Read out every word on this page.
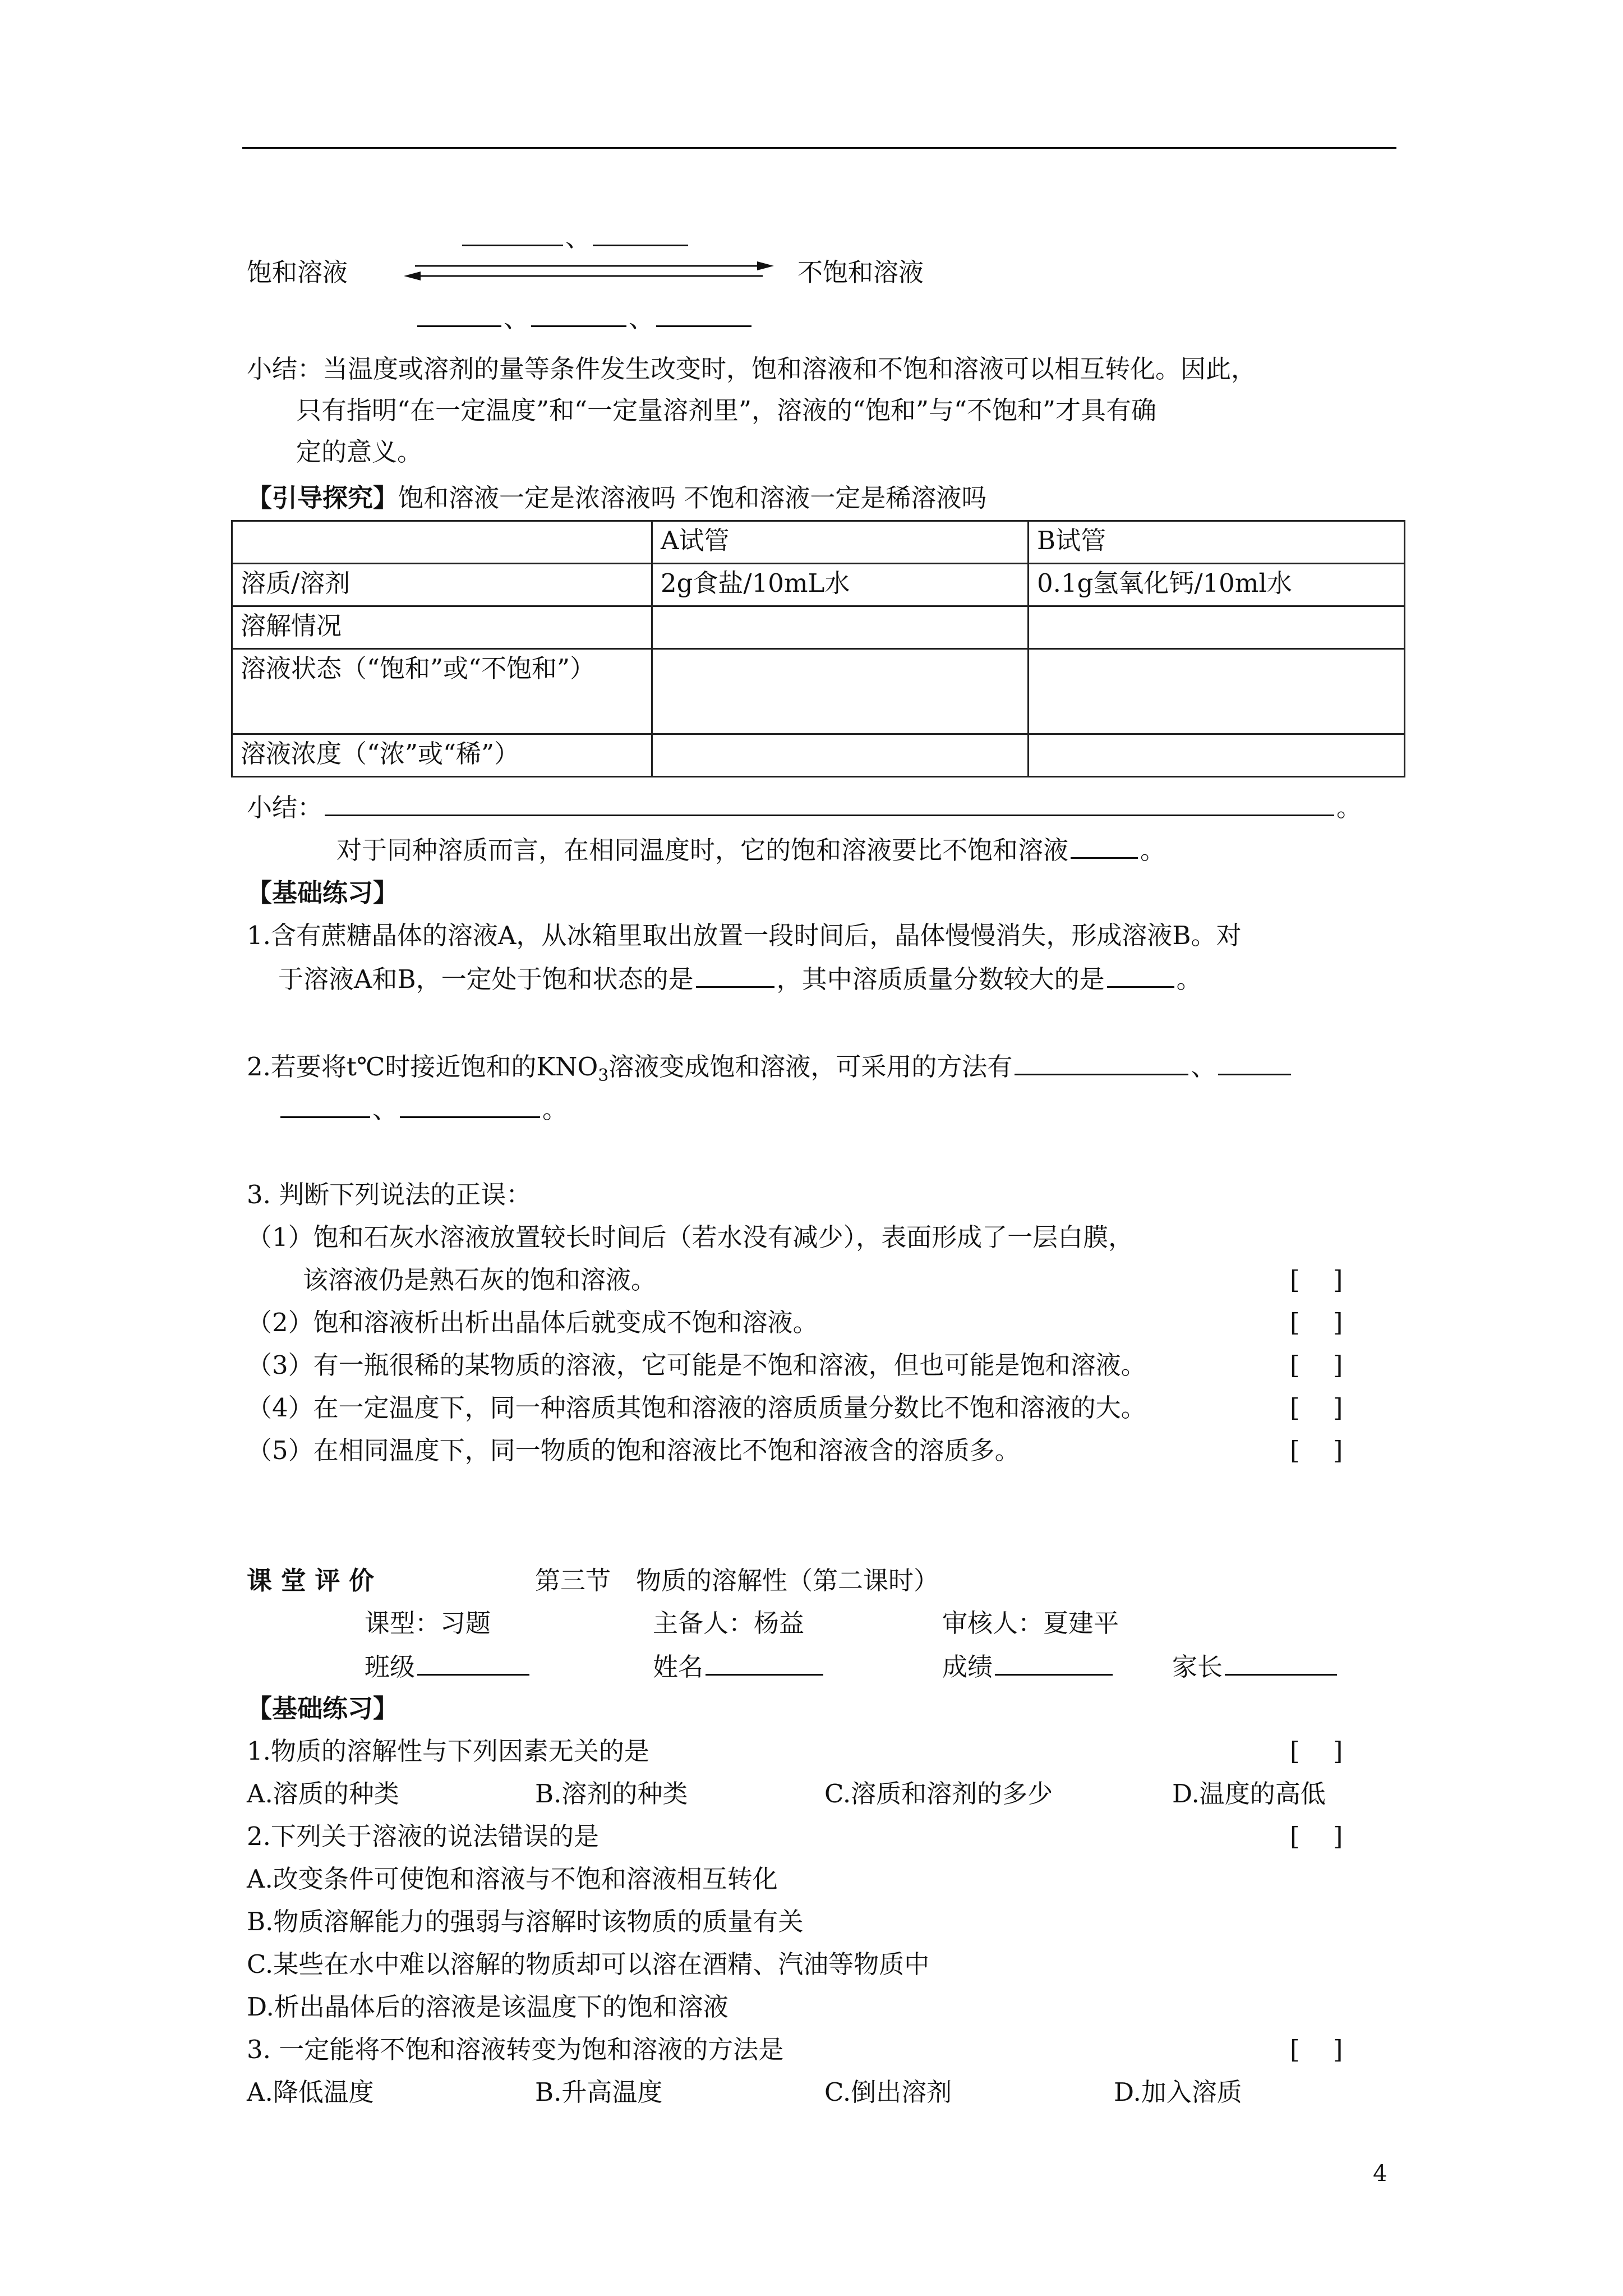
、
饱和溶液	不饱和溶液
、	、
小结：当温度或溶剂的量等条件发生改变时，饱和溶液和不饱和溶液可以相互转化。因此，
只有指明“在一定温度”和“一定量溶剂里”，溶液的“饱和”与“不饱和”才具有确
定的意义。
【引导探究】饱和溶液一定是浓溶液吗 不饱和溶液一定是稀溶液吗
	A试管	B试管
溶质/溶剂	2g食盐/10mL水	0.1g氢氧化钙/10ml水
溶解情况		
溶液状态（“饱和”或“不饱和”）		
溶液浓度（“浓”或“稀”）		
小结：	。
对于同种溶质而言，在相同温度时，它的饱和溶液要比不饱和溶液	。
【基础练习】
1.含有蔗糖晶体的溶液A，从冰箱里取出放置一段时间后，晶体慢慢消失，形成溶液B。对
于溶液A和B，一定处于饱和状态的是	，其中溶质质量分数较大的是	。
2.若要将t℃时接近饱和的$KNO_3$溶液变成饱和溶液，可采用的方法有	、
、	。
3. 判断下列说法的正误：
（1）饱和石灰水溶液放置较长时间后（若水没有减少），表面形成了一层白膜，
该溶液仍是熟石灰的饱和溶液。	[　 ]
（2）饱和溶液析出析出晶体后就变成不饱和溶液。	[　 ]
（3）有一瓶很稀的某物质的溶液，它可能是不饱和溶液，但也可能是饱和溶液。	[　 ]
（4）在一定温度下，同一种溶质其饱和溶液的溶质质量分数比不饱和溶液的大。	[　 ]
（5）在相同温度下，同一物质的饱和溶液比不饱和溶液含的溶质多。	[　 ]
课 堂 评 价	第三节　物质的溶解性（第二课时）
课型：习题	主备人：杨益	审核人：夏建平
班级	姓名	成绩	家长
【基础练习】
1.物质的溶解性与下列因素无关的是	[　 ]
A.溶质的种类	B.溶剂的种类	C.溶质和溶剂的多少	D.温度的高低
2.下列关于溶液的说法错误的是	[　 ]
A.改变条件可使饱和溶液与不饱和溶液相互转化
B.物质溶解能力的强弱与溶解时该物质的质量有关
C.某些在水中难以溶解的物质却可以溶在酒精、汽油等物质中
D.析出晶体后的溶液是该温度下的饱和溶液
3. 一定能将不饱和溶液转变为饱和溶液的方法是	[　 ]
A.降低温度	B.升高温度	C.倒出溶剂	D.加入溶质
4
